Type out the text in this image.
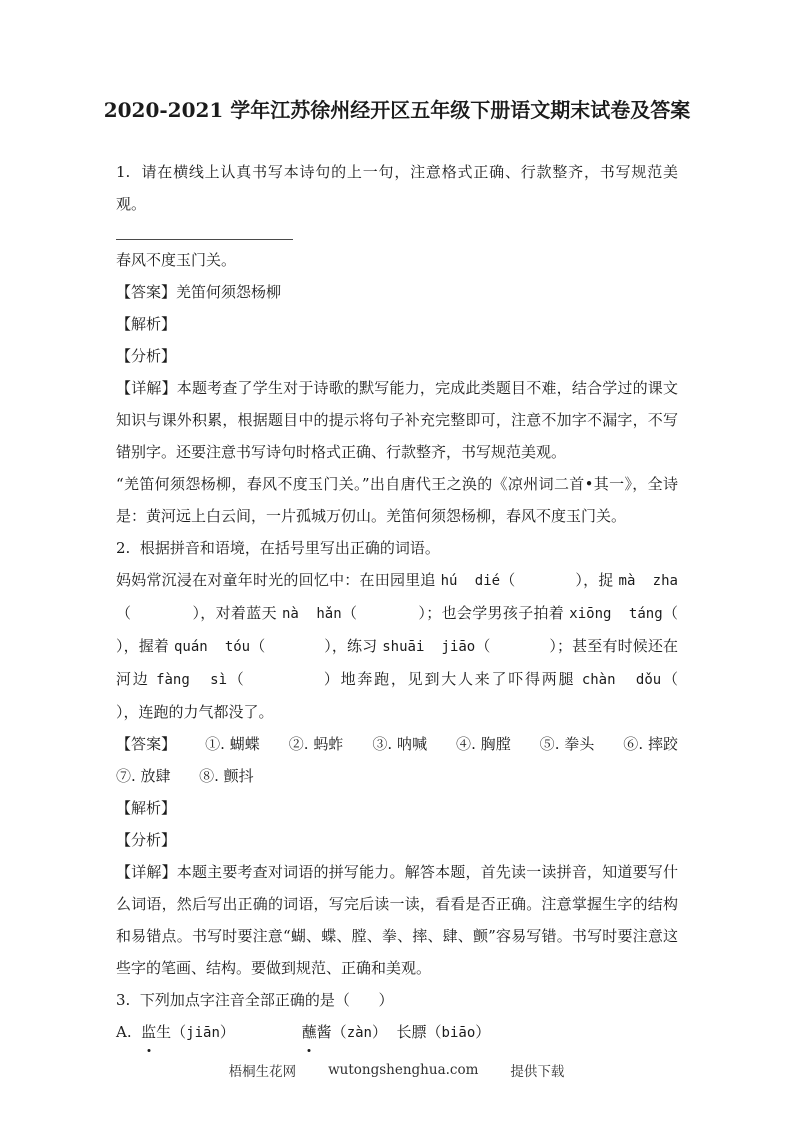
2020-2021 学年江苏徐州经开区五年级下册语文期末试卷及答案

1.  请在横线上认真书写本诗句的上一句，注意格式正确、行款整齐，书写规范美观。

春风不度玉门关。

【答案】羌笛何须怨杨柳

【解析】

【分析】

【详解】本题考查了学生对于诗歌的默写能力，完成此类题目不难，结合学过的课文知识与课外积累，根据题目中的提示将句子补充完整即可，注意不加字不漏字，不写错别字。还要注意书写诗句时格式正确、行款整齐，书写规范美观。

“羌笛何须怨杨柳，春风不度玉门关。”出自唐代王之涣的《凉州词二首•其一》，全诗是：黄河远上白云间，一片孤城万仞山。羌笛何须怨杨柳，春风不度玉门关。

2.  根据拼音和语境，在括号里写出正确的词语。

妈妈常沉浸在对童年时光的回忆中：在田园里追 hú  dié（            ），捉 mà  zha（            ），对着蓝天 nà  hǎn（            ）；也会学男孩子拍着 xiōng  táng（            ），握着 quán  tóu（            ），练习 shuāi  jiāo（            ）；甚至有时候还在河边 fàng  sì（            ）地奔跑，见到大人来了吓得两腿 chàn  dǒu（            ），连跑的力气都没了。

【答案】      ①. 蝴蝶      ②. 蚂蚱      ③. 呐喊      ④. 胸膛      ⑤. 拳头      ⑥. 摔跤    ⑦. 放肆      ⑧. 颤抖

【解析】

【分析】

【详解】本题主要考查对词语的拼写能力。解答本题，首先读一读拼音，知道要写什么词语，然后写出正确的词语，写完后读一读，看看是否正确。注意掌握生字的结构和易错点。书写时要注意“蝴、蝶、膛、拳、摔、肆、颤”容易写错。书写时要注意这些字的笔画、结构。要做到规范、正确和美观。

3.  下列加点字注音全部正确的是（      ）

A.  监生（jiān）              蘸酱（zàn）  长膘（biāo）

梧桐生花网 wutongshenghua.com 提供下载
